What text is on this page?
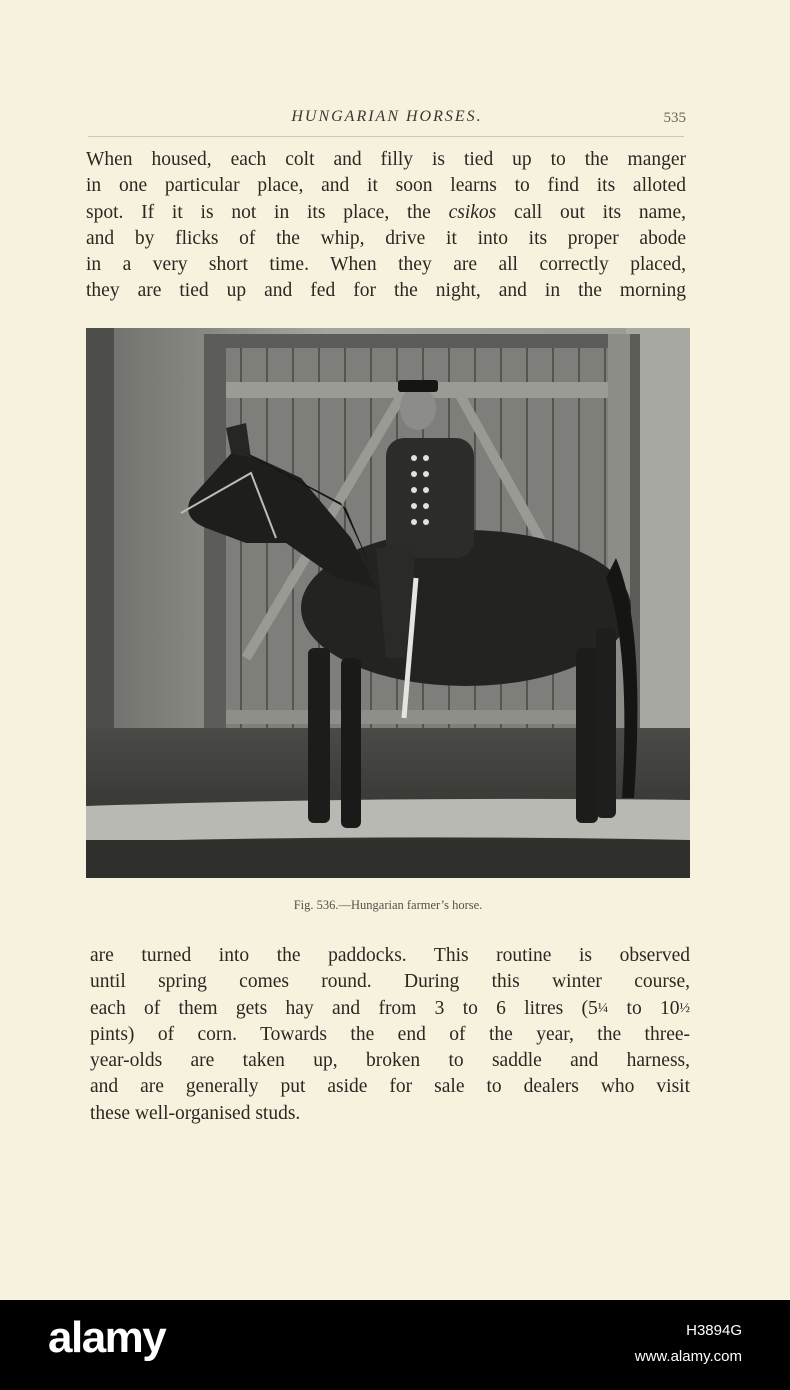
HUNGARIAN HORSES.	535

When housed, each colt and filly is tied up to the manger
in one particular place, and it soon learns to find its alloted
spot. If it is not in its place, the csikos call out its name,
and by flicks of the whip, drive it into its proper abode
in a very short time. When they are all correctly placed,
they are tied up and fed for the night, and in the morning

Fig. 536.—Hungarian farmer’s horse.

are turned into the paddocks. This routine is observed
until spring comes round. During this winter course,
each of them gets hay and from 3 to 6 litres (5¼ to 10½
pints) of corn. Towards the end of the year, the three-
year-olds are taken up, broken to saddle and harness,
and are generally put aside for sale to dealers who visit
these well-organised studs.

alamy	H3894G
www.alamy.com
